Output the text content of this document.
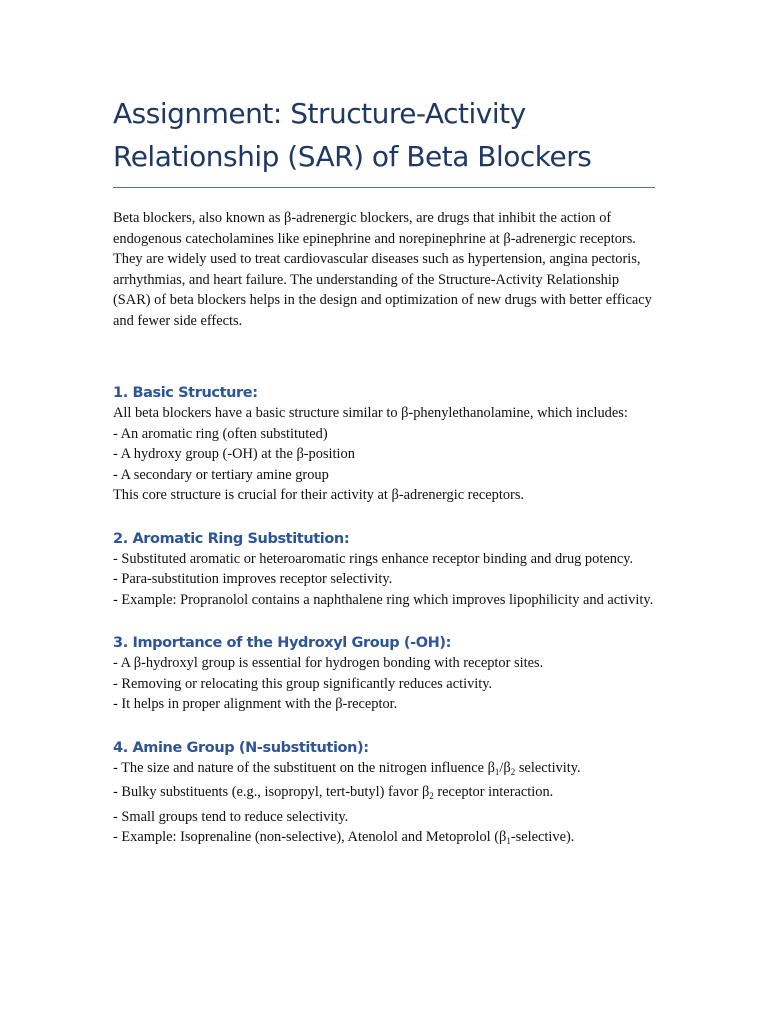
Assignment: Structure-Activity Relationship (SAR) of Beta Blockers

Beta blockers, also known as β-adrenergic blockers, are drugs that inhibit the action of endogenous catecholamines like epinephrine and norepinephrine at β-adrenergic receptors. They are widely used to treat cardiovascular diseases such as hypertension, angina pectoris, arrhythmias, and heart failure. The understanding of the Structure-Activity Relationship (SAR) of beta blockers helps in the design and optimization of new drugs with better efficacy and fewer side effects.

1. Basic Structure:
All beta blockers have a basic structure similar to β-phenylethanolamine, which includes:
- An aromatic ring (often substituted)
- A hydroxy group (-OH) at the β-position
- A secondary or tertiary amine group
This core structure is crucial for their activity at β-adrenergic receptors.
2. Aromatic Ring Substitution:
- Substituted aromatic or heteroaromatic rings enhance receptor binding and drug potency.
- Para-substitution improves receptor selectivity.
- Example: Propranolol contains a naphthalene ring which improves lipophilicity and activity.
3. Importance of the Hydroxyl Group (-OH):
- A β-hydroxyl group is essential for hydrogen bonding with receptor sites.
- Removing or relocating this group significantly reduces activity.
- It helps in proper alignment with the β-receptor.
4. Amine Group (N-substitution):
- The size and nature of the substituent on the nitrogen influence $\beta_1/\beta_2$ selectivity.
- Bulky substituents (e.g., isopropyl, tert-butyl) favor $\beta_2$ receptor interaction.
- Small groups tend to reduce selectivity.
- Example: Isoprenaline (non-selective), Atenolol and Metoprolol $(\beta_1-selective)$.
